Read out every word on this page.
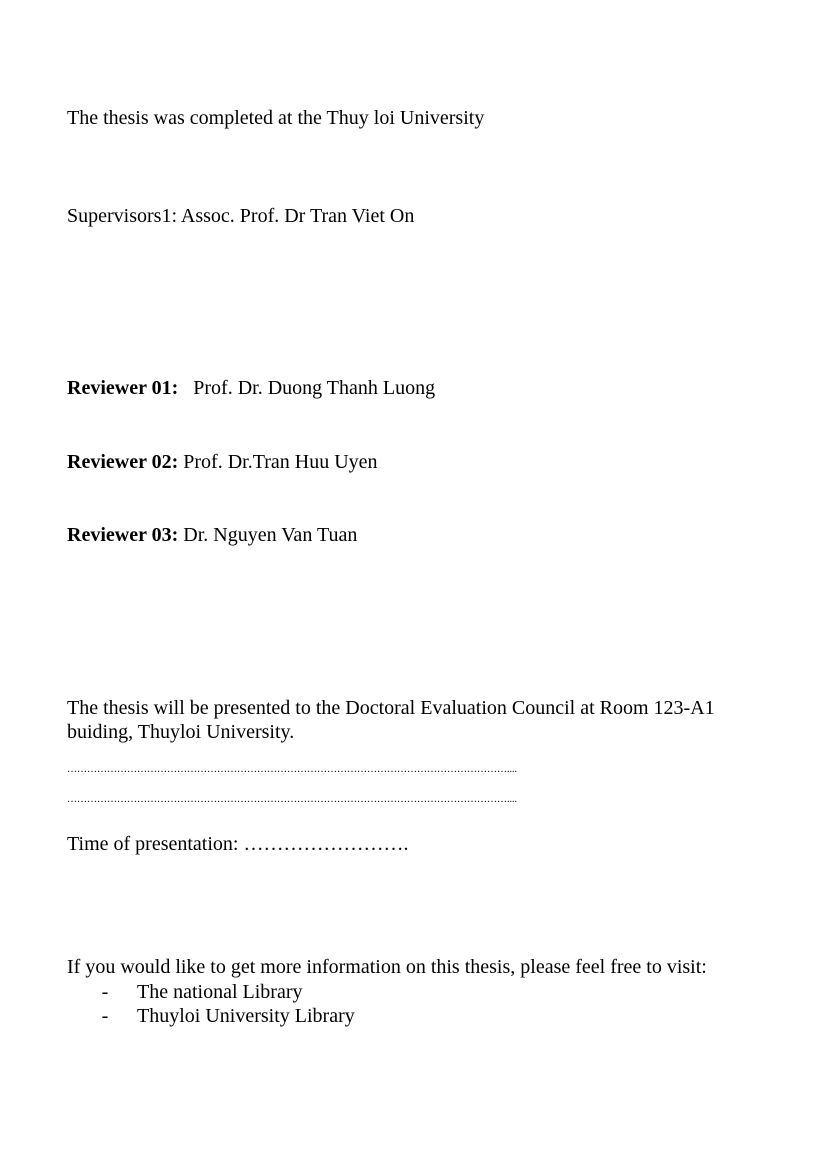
The thesis was completed at the Thuy loi University
Supervisors1: Assoc. Prof. Dr Tran Viet On
Reviewer 01: Prof. Dr. Duong Thanh Luong
Reviewer 02: Prof. Dr.Tran Huu Uyen
Reviewer 03: Dr. Nguyen Van Tuan
The thesis will be presented to the Doctoral Evaluation Council at Room 123-A1
buiding, Thuyloi University.
……………………………………………………………………………………………………………………....
……………………………………………………………………………………………………………………....
Time of presentation: …………………….
If you would like to get more information on this thesis, please feel free to visit:
- The national Library
- Thuyloi University Library
